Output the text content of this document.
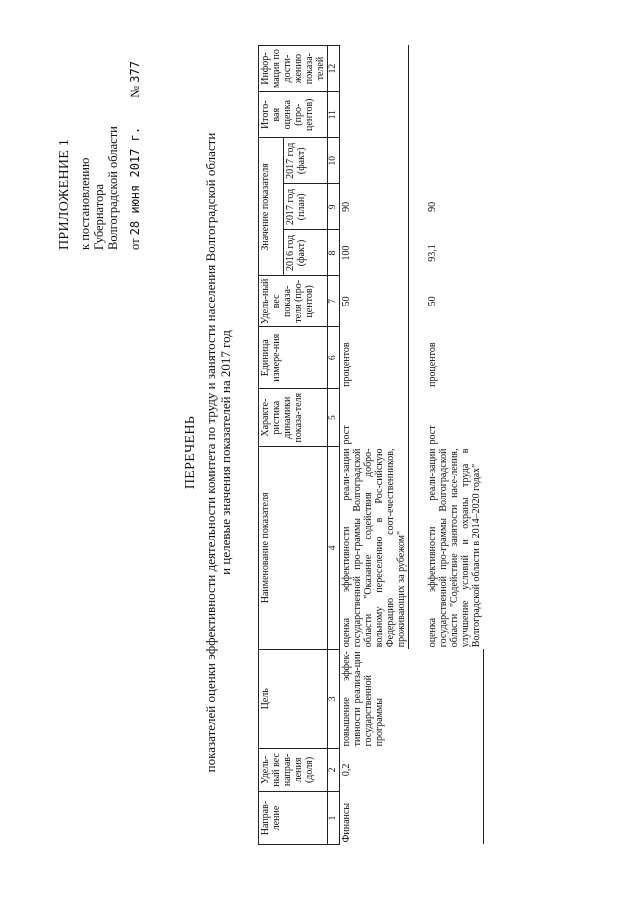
ПРИЛОЖЕНИЕ 1 к постановлению Губернатора Волгоградской области от 28 июня 2017 г. № 377
ПЕРЕЧЕНЬ показателей оценки эффективности деятельности комитета по труду и занятости населения Волгоградской области и целевые значения показателей на 2017 год
Направ-ление	Удель-ный вес направ-ления (доля)	Цель	Наименование показателя	Характе-ристика динамики показа-теля	Единица измере-ния	Удель-ный вес показа-теля (про-центов)	Значение показателя			Итого-вая оценка (про-центов)	Инфор-мация по дости-жению показа-телей
							2016 год (факт)	2017 год (план)	2017 год (факт)		
1	2	3	4	5	6	7	8	9	10	11	12
Финансы	0,2	повышение эффек-тивности реализа-ции государственной программы	оценка эффективности реали-зации государственной про-граммы Волгоградской области "Оказание содействия добро-вольному переселению в Рос-сийскую Федерацию соот-ечественников, проживающих за рубежом"	рост	процентов	50	100	90			
			оценка эффективности реали-зации государственной про-граммы Волгоградской области "Содействие занятости насе-ления, улучшение условий и охраны труда в Волгоградской области в 2014–2020 годах"	рост	процентов	50	93,1	90			
